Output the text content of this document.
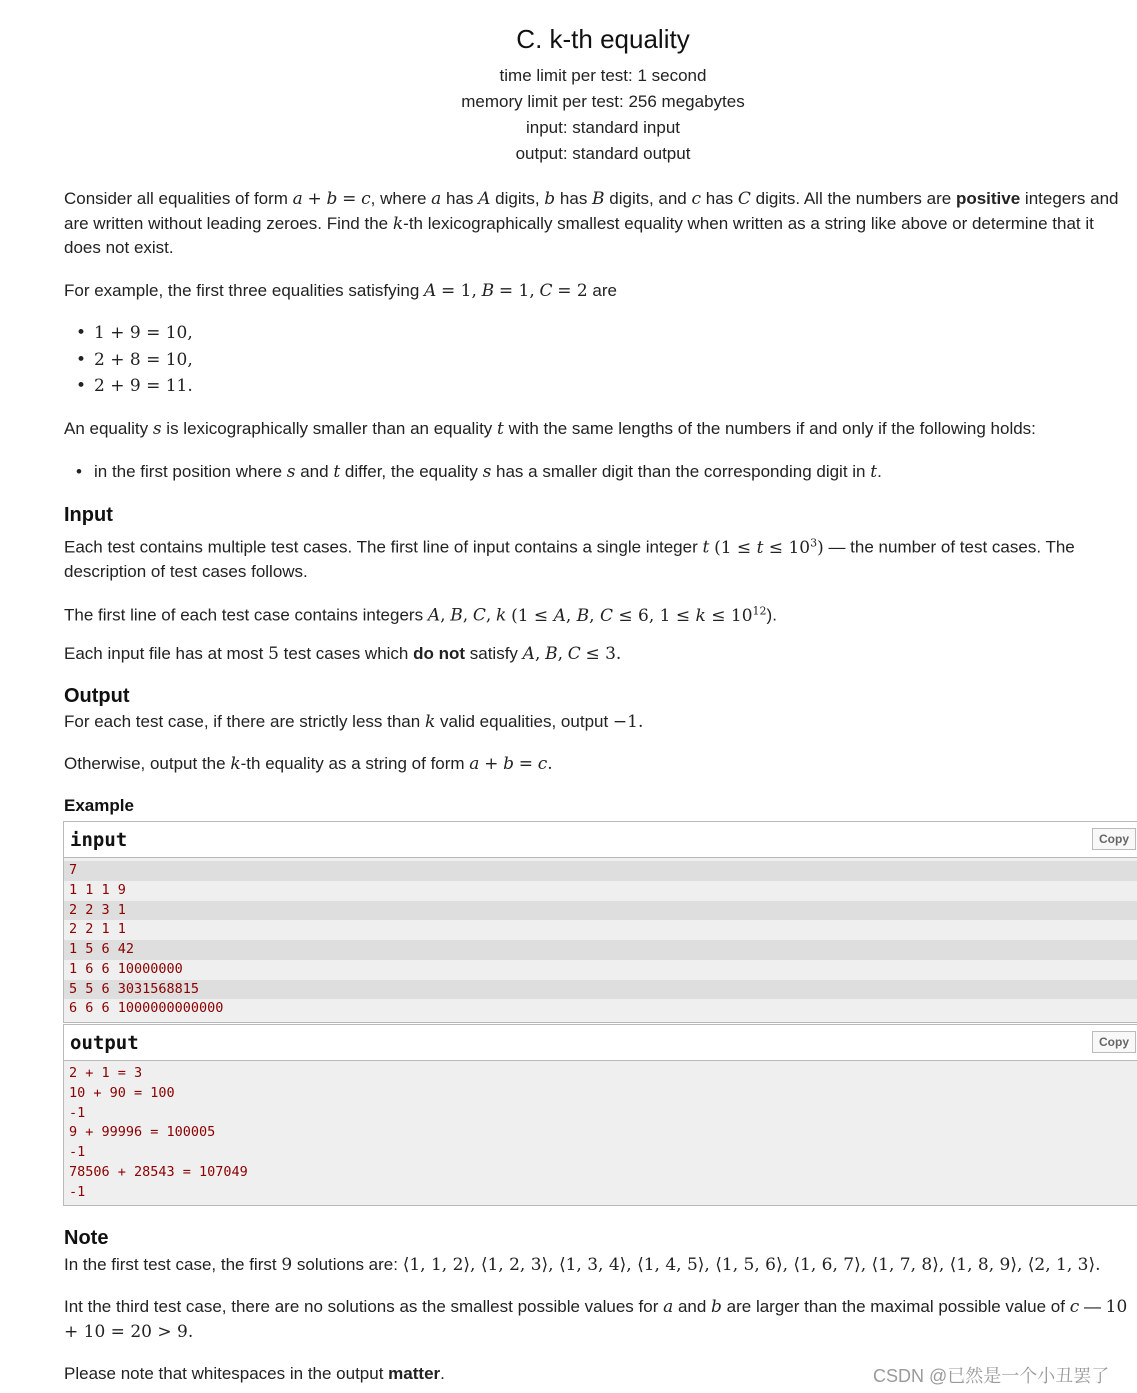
C. k-th equality
time limit per test: 1 second
memory limit per test: 256 megabytes
input: standard input
output: standard output
Consider all equalities of form a + b = c, where a has A digits, b has B digits, and c has C digits. All the numbers are positive integers and are written without leading zeroes. Find the k-th lexicographically smallest equality when written as a string like above or determine that it does not exist.
For example, the first three equalities satisfying A = 1, B = 1, C = 2 are
• 1 + 9 = 10,
• 2 + 8 = 10,
• 2 + 9 = 11.
An equality s is lexicographically smaller than an equality t with the same lengths of the numbers if and only if the following holds:
• in the first position where s and t differ, the equality s has a smaller digit than the corresponding digit in t.
Input
Each test contains multiple test cases. The first line of input contains a single integer t $(1 \le t \le 10^3)$ — the number of test cases. The description of test cases follows.
The first line of each test case contains integers A, B, C, k (1 ≤ A, B, C ≤ 6, $1 \le k \le 10^{12}$).
Each input file has at most 5 test cases which do not satisfy A, B, C ≤ 3.
Output
For each test case, if there are strictly less than k valid equalities, output −1.
Otherwise, output the k-th equality as a string of form a + b = c.
Example
input	Copy
7
1 1 1 9
2 2 3 1
2 2 1 1
1 5 6 42
1 6 6 10000000
5 5 6 3031568815
6 6 6 1000000000000
output	Copy
2 + 1 = 3
10 + 90 = 100
-1
9 + 99996 = 100005
-1
78506 + 28543 = 107049
-1
Note
In the first test case, the first 9 solutions are: ⟨1, 1, 2⟩, ⟨1, 2, 3⟩, ⟨1, 3, 4⟩, ⟨1, 4, 5⟩, ⟨1, 5, 6⟩, ⟨1, 6, 7⟩, ⟨1, 7, 8⟩, ⟨1, 8, 9⟩, ⟨2, 1, 3⟩.
Int the third test case, there are no solutions as the smallest possible values for a and b are larger than the maximal possible value of c — 10 + 10 = 20 > 9.
Please note that whitespaces in the output matter.	CSDN @已然是一个小丑罢了
